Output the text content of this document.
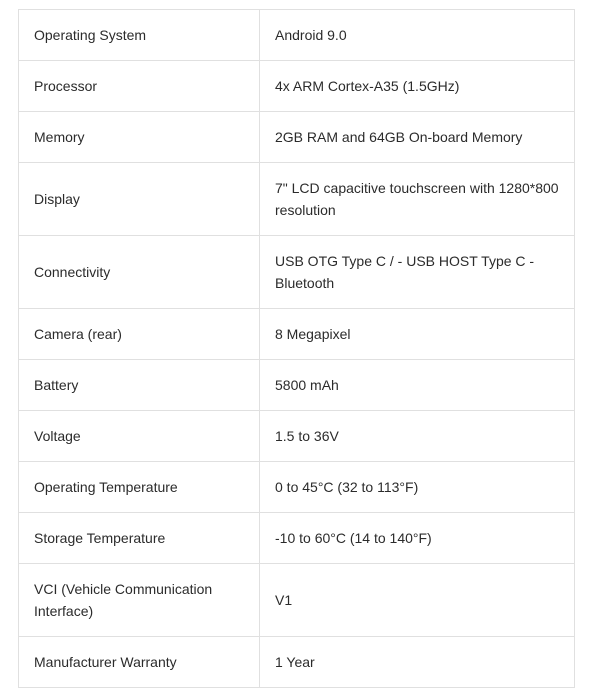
Operating System	Android 9.0
Processor	4x ARM Cortex-A35 (1.5GHz)
Memory	2GB RAM and 64GB On-board Memory
Display	7" LCD capacitive touchscreen with 1280*800 resolution
Connectivity	USB OTG Type C / - USB HOST Type C - Bluetooth
Camera (rear)	8 Megapixel
Battery	5800 mAh
Voltage	1.5 to 36V
Operating Temperature	0 to 45°C (32 to 113°F)
Storage Temperature	-10 to 60°C (14 to 140°F)
VCI (Vehicle Communication Interface)	V1
Manufacturer Warranty	1 Year
